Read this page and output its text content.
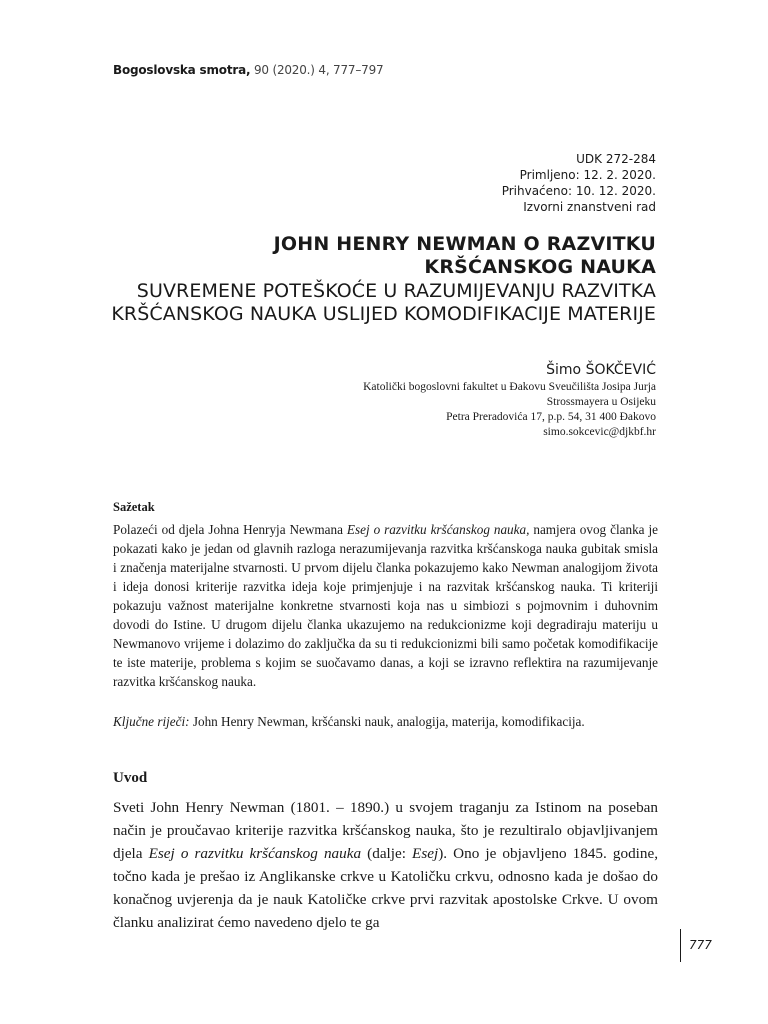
Bogoslovska smotra, 90 (2020.) 4, 777–797
UDK 272-284
Primljeno: 12. 2. 2020.
Prihvaćeno: 10. 12. 2020.
Izvorni znanstveni rad
JOHN HENRY NEWMAN O RAZVITKU
KRŠĆANSKOG NAUKA
SUVREMENE POTEŠKOĆE U RAZUMIJEVANJU RAZVITKA
KRŠĆANSKOG NAUKA USLIJED KOMODIFIKACIJE MATERIJE
Šimo ŠOKČEVIĆ
Katolički bogoslovni fakultet u Đakovu Sveučilišta Josipa Jurja
Strossmayera u Osijeku
Petra Preradovića 17, p.p. 54, 31 400 Đakovo
simo.sokcevic@djkbf.hr
Sažetak

Polazeći od djela Johna Henryja Newmana Esej o razvitku kršćanskog nauka, namjera ovog članka je pokazati kako je jedan od glavnih razloga nerazumijevanja razvitka kršćanskoga nauka gubitak smisla i značenja materijalne stvarnosti. U prvom dijelu članka pokazujemo kako Newman analogijom života i ideja donosi kriterije razvitka ideja koje primjenjuje i na razvitak kršćanskog nauka. Ti kriteriji pokazuju važnost materijalne konkretne stvarnosti koja nas u simbiozi s pojmovnim i duhovnim dovodi do Istine. U drugom dijelu članka ukazujemo na redukcionizme koji degradiraju materiju u Newmanovo vrijeme i dolazimo do zaključka da su ti redukcionizmi bili samo početak komodifikacije te iste materije, problema s kojim se suočavamo danas, a koji se izravno reflektira na razumijevanje razvitka kršćanskog nauka.

Ključne riječi: John Henry Newman, kršćanski nauk, analogija, materija, komodifikacija.
Uvod

Sveti John Henry Newman (1801. – 1890.) u svojem traganju za Istinom na poseban način je proučavao kriterije razvitka kršćanskog nauka, što je rezultiralo objavljivanjem djela Esej o razvitku kršćanskog nauka (dalje: Esej). Ono je objavljeno 1845. godine, točno kada je prešao iz Anglikanske crkve u Katoličku crkvu, odnosno kada je došao do konačnog uvjerenja da je nauk Katoličke crkve prvi razvitak apostolske Crkve. U ovom članku analizirat ćemo navedeno djelo te ga

777
